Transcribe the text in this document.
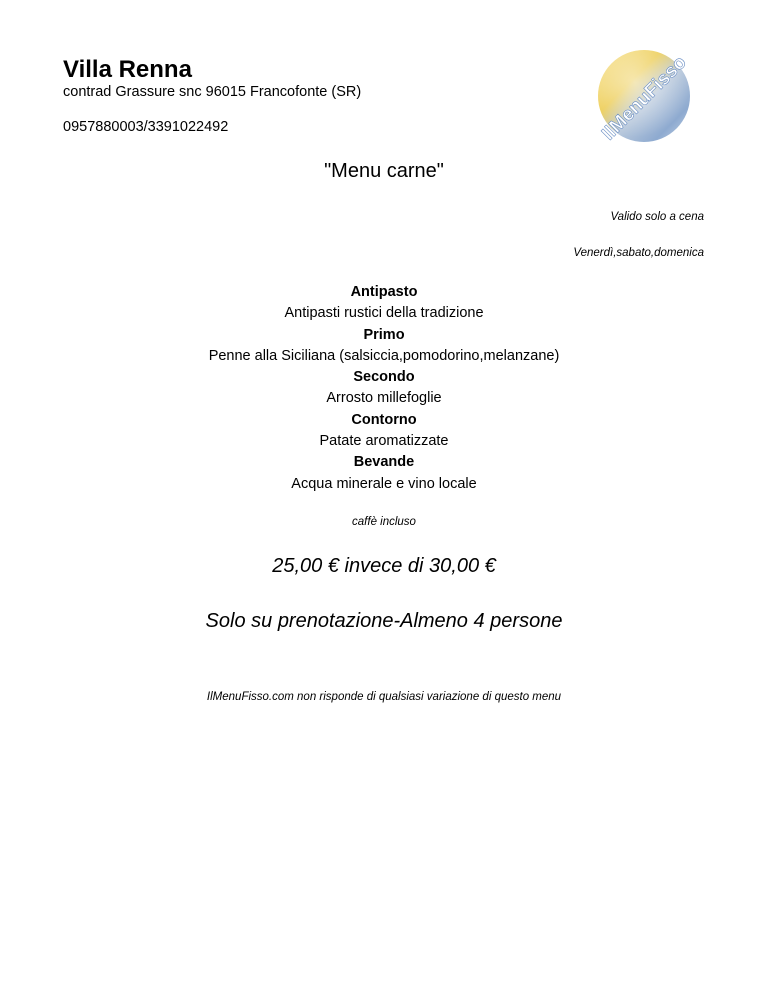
Villa Renna
contrad Grassure snc 96015 Francofonte (SR)
0957880003/3391022492	IlMenuFisso
"Menu carne"
Valido solo a cena
Venerdì,sabato,domenica
Antipasto
Antipasti rustici della tradizione
Primo
Penne alla Siciliana (salsiccia,pomodorino,melanzane)
Secondo
Arrosto millefoglie
Contorno
Patate aromatizzate
Bevande
Acqua minerale e vino locale
caffè incluso
25,00 € invece di 30,00 €
Solo su prenotazione-Almeno 4 persone
IlMenuFisso.com non risponde di qualsiasi variazione di questo menu
